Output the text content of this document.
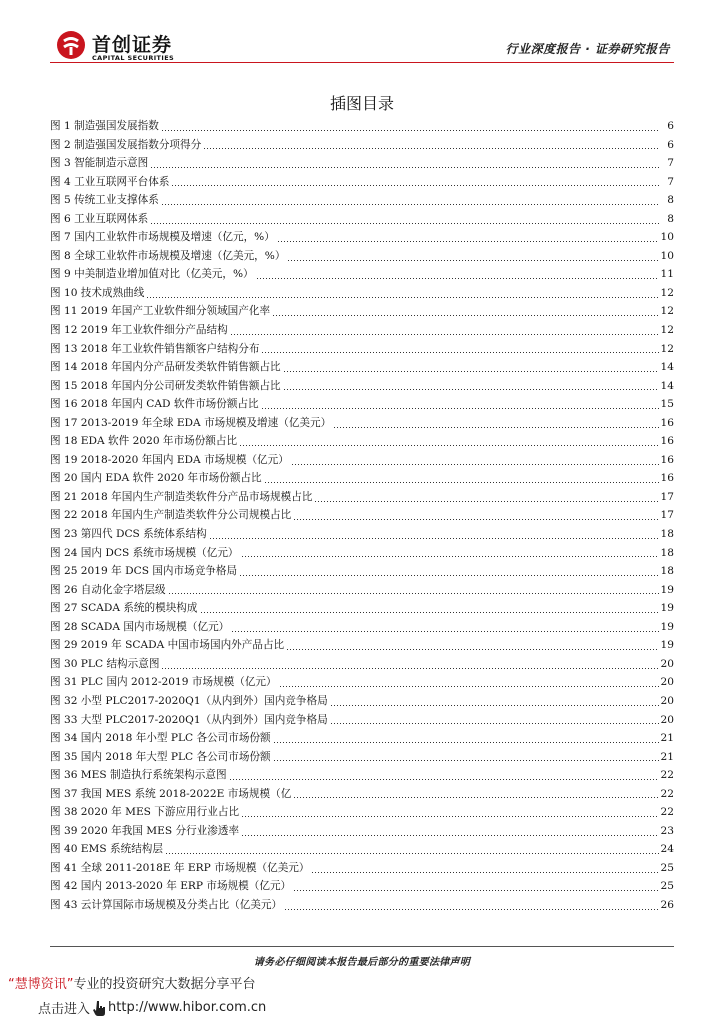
首创证券
CAPITAL SECURITIES
行业深度报告 · 证券研究报告
插图目录
图 1 制造强国发展指数	6
图 2 制造强国发展指数分项得分	6
图 3 智能制造示意图	7
图 4 工业互联网平台体系	7
图 5 传统工业支撑体系	8
图 6 工业互联网体系	8
图 7 国内工业软件市场规模及增速（亿元，%）	10
图 8 全球工业软件市场规模及增速（亿美元，%）	10
图 9 中美制造业增加值对比（亿美元，%）	11
图 10 技术成熟曲线	12
图 11 2019 年国产工业软件细分领域国产化率	12
图 12 2019 年工业软件细分产品结构	12
图 13 2018 年工业软件销售额客户结构分布	12
图 14 2018 年国内分产品研发类软件销售额占比	14
图 15 2018 年国内分公司研发类软件销售额占比	14
图 16 2018 年国内 CAD 软件市场份额占比	15
图 17 2013-2019 年全球 EDA 市场规模及增速（亿美元）	16
图 18 EDA 软件 2020 年市场份额占比	16
图 19 2018-2020 年国内 EDA 市场规模（亿元）	16
图 20 国内 EDA 软件 2020 年市场份额占比	16
图 21 2018 年国内生产制造类软件分产品市场规模占比	17
图 22 2018 年国内生产制造类软件分公司规模占比	17
图 23 第四代 DCS 系统体系结构	18
图 24 国内 DCS 系统市场规模（亿元）	18
图 25 2019 年 DCS 国内市场竞争格局	18
图 26 自动化金字塔层级	19
图 27 SCADA 系统的模块构成	19
图 28 SCADA 国内市场规模（亿元）	19
图 29 2019 年 SCADA 中国市场国内外产品占比	19
图 30 PLC 结构示意图	20
图 31 PLC 国内 2012-2019 市场规模（亿元）	20
图 32 小型 PLC2017-2020Q1（从内到外）国内竞争格局	20
图 33 大型 PLC2017-2020Q1（从内到外）国内竞争格局	20
图 34 国内 2018 年小型 PLC 各公司市场份额	21
图 35 国内 2018 年大型 PLC 各公司市场份额	21
图 36 MES 制造执行系统架构示意图	22
图 37 我国 MES 系统 2018-2022E 市场规模（亿	22
图 38 2020 年 MES 下游应用行业占比	22
图 39 2020 年我国 MES 分行业渗透率	23
图 40 EMS 系统结构层	24
图 41 全球 2011-2018E 年 ERP 市场规模（亿美元）	25
图 42 国内 2013-2020 年 ERP 市场规模（亿元）	25
图 43 云计算国际市场规模及分类占比（亿美元）	26
请务必仔细阅读本报告最后部分的重要法律声明
“慧博资讯”专业的投资研究大数据分享平台
点击进入 http://www.hibor.com.cn
